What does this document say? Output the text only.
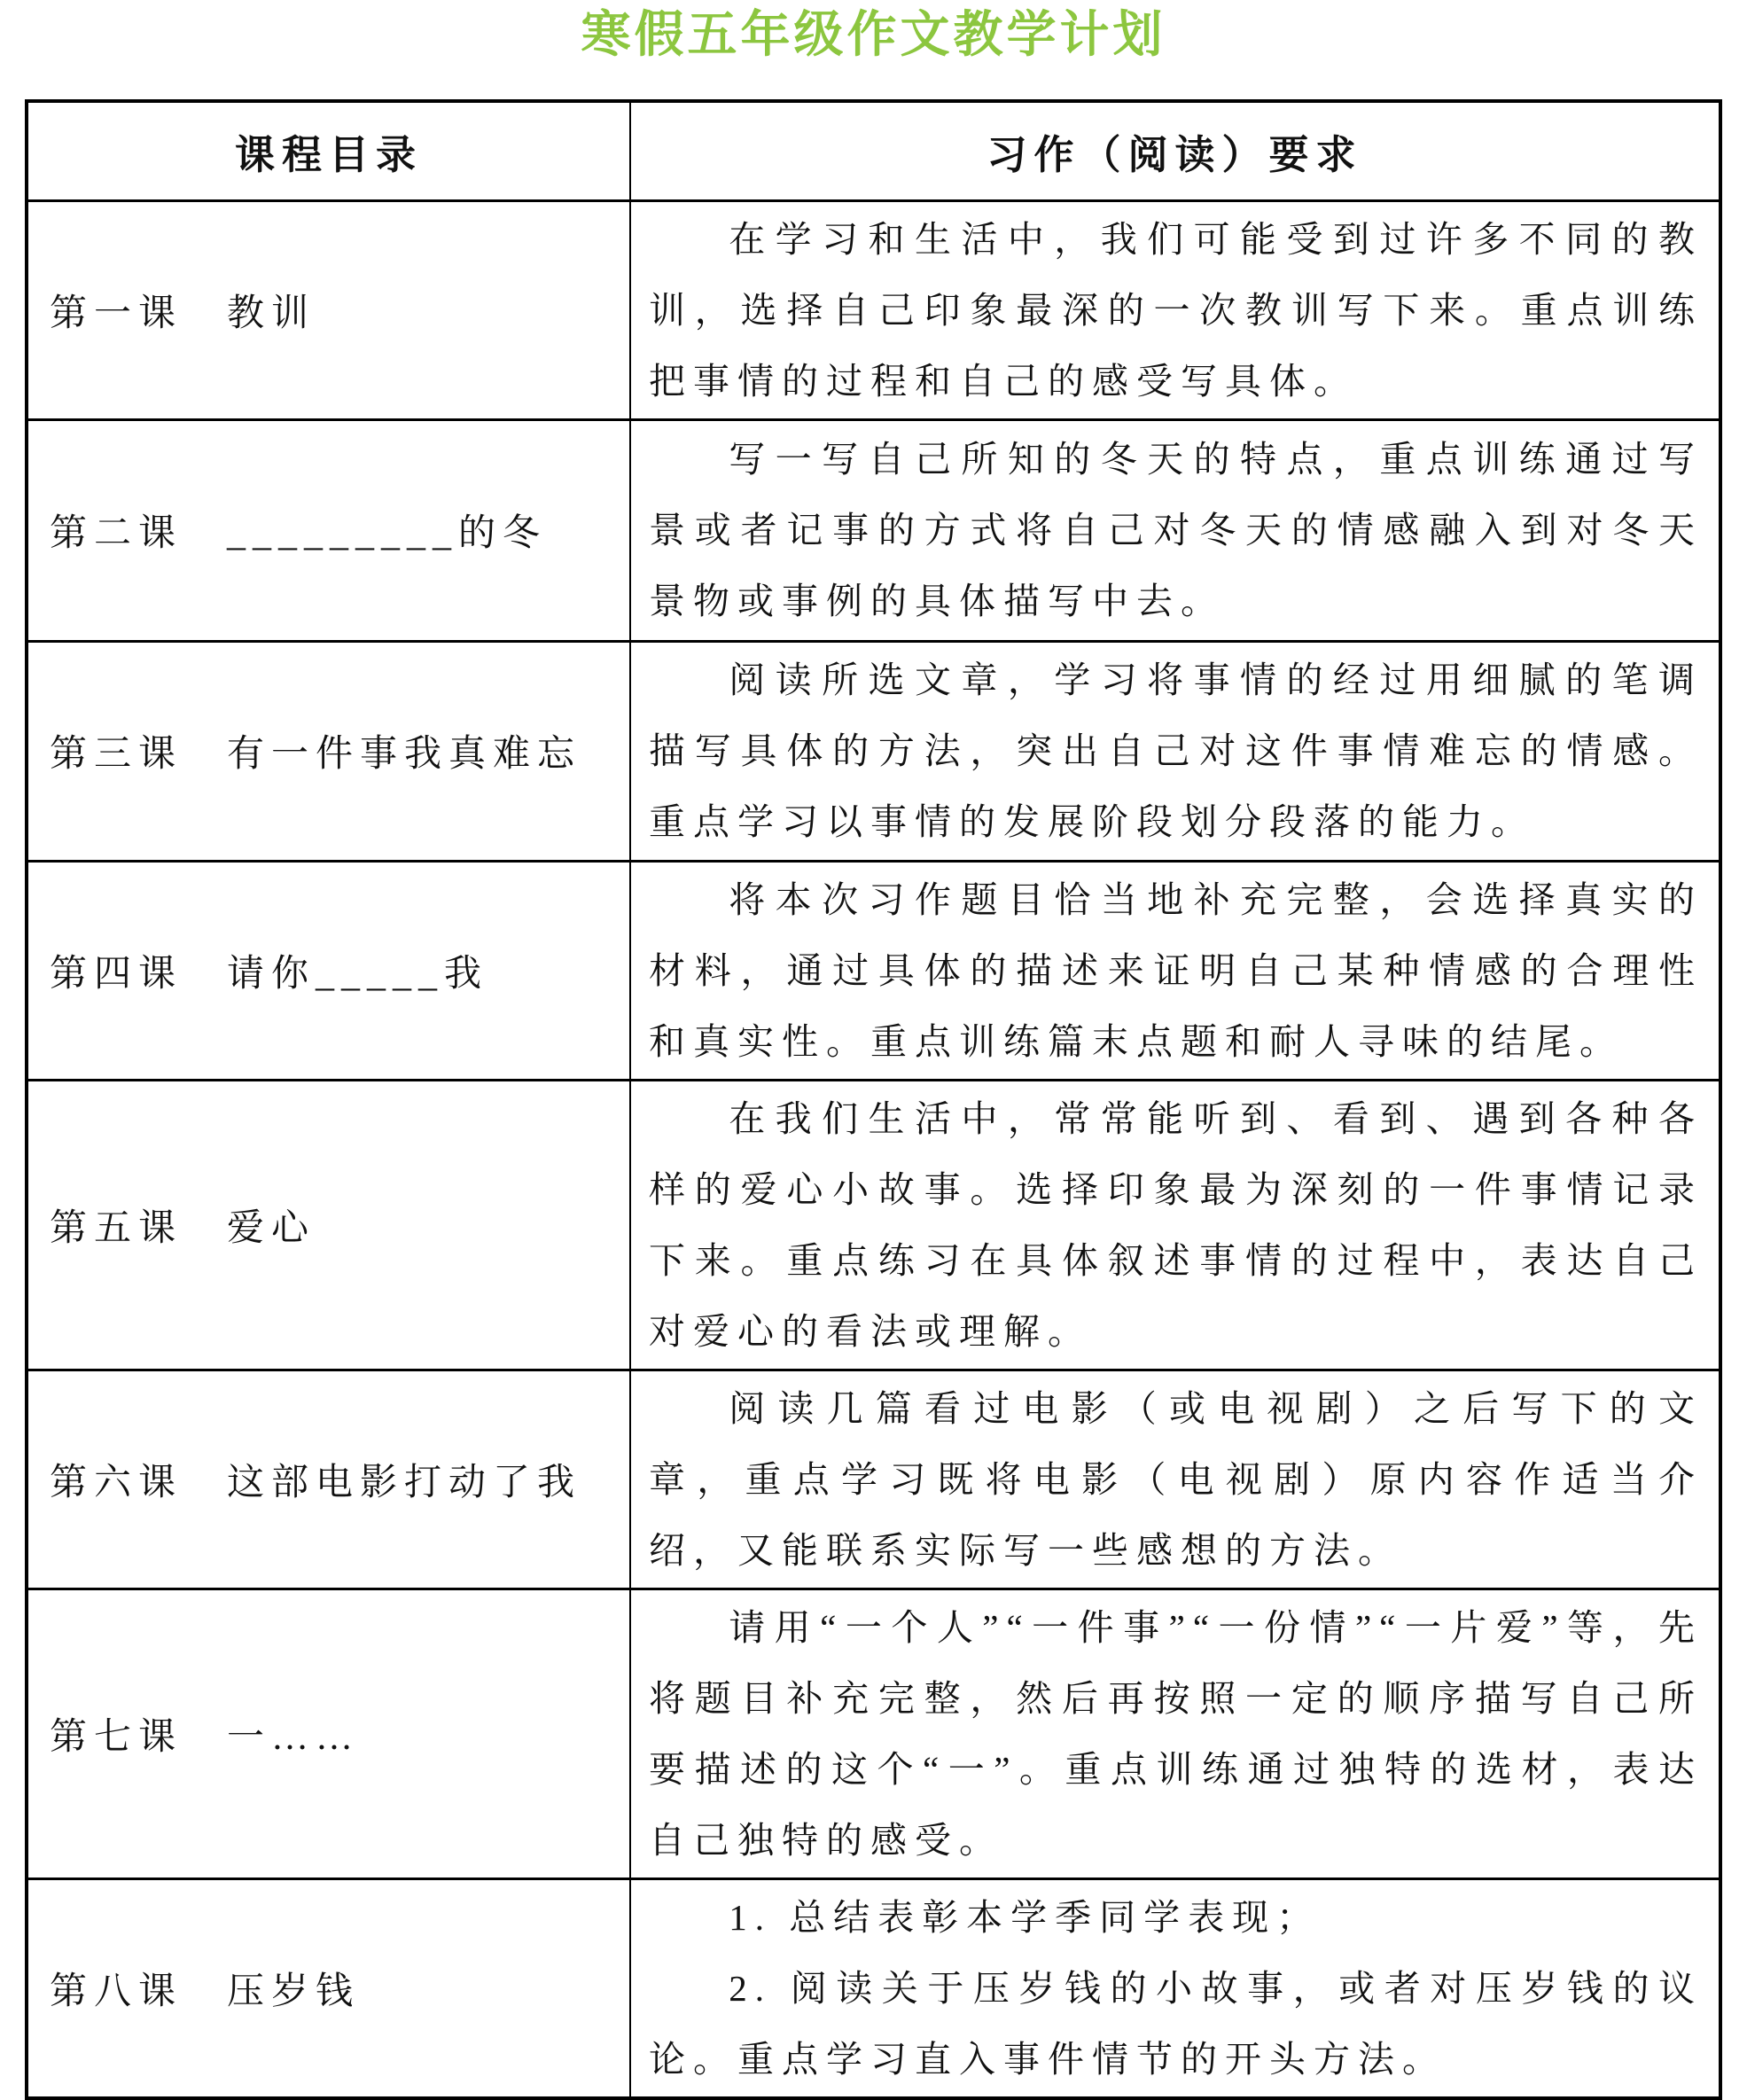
寒假五年级作文教学计划
课程目录	习作（阅读）要求
第一课　教训	在学习和生活中，我们可能受到过许多不同的教训，选择自己印象最深的一次教训写下来。重点训练把事情的过程和自己的感受写具体。

第二课　_________的冬	写一写自己所知的冬天的特点，重点训练通过写景或者记事的方式将自己对冬天的情感融入到对冬天景物或事例的具体描写中去。

第三课　有一件事我真难忘	阅读所选文章，学习将事情的经过用细腻的笔调描写具体的方法，突出自己对这件事情难忘的情感。重点学习以事情的发展阶段划分段落的能力。

第四课　请你_____我	将本次习作题目恰当地补充完整，会选择真实的材料，通过具体的描述来证明自己某种情感的合理性和真实性。重点训练篇末点题和耐人寻味的结尾。

第五课　爱心	在我们生活中，常常能听到、看到、遇到各种各样的爱心小故事。选择印象最为深刻的一件事情记录下来。重点练习在具体叙述事情的过程中，表达自己对爱心的看法或理解。

第六课　这部电影打动了我	阅读几篇看过电影（或电视剧）之后写下的文章，重点学习既将电影（电视剧）原内容作适当介绍，又能联系实际写一些感想的方法。

第七课　一……	请用“一个人”“一件事”“一份情”“一片爱”等，先将题目补充完整，然后再按照一定的顺序描写自己所要描述的这个“一”。重点训练通过独特的选材，表达自己独特的感受。

第八课　压岁钱	1. 总结表彰本学季同学表现；

2. 阅读关于压岁钱的小故事，或者对压岁钱的议论。重点学习直入事件情节的开头方法。
